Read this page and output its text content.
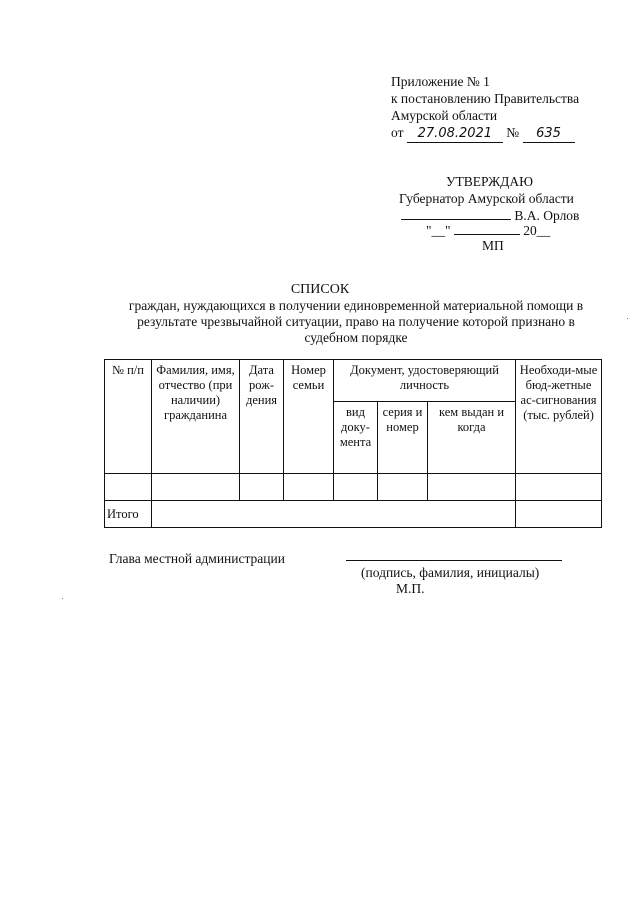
Приложение № 1
к постановлению Правительства
Амурской области
от 27.08.2021 № 635
УТВЕРЖДАЮ
Губернатор Амурской области
В.А. Орлов
"__"	20__
МП
СПИСОК
граждан, нуждающихся в получении единовременной материальной помощи в
результате чрезвычайной ситуации, право на получение которой признано в
судебном порядке
№ п/п	Фамилия, имя, отчество (при наличии) гражданина	Дата рож-дения	Номер семьи	Документ, удостоверяющий личность			Необходи-мые бюд-жетные ас-сигнования (тыс. рублей)
				вид доку-мента	серия и номер	кем выдан и когда	

Итого							
Глава местной администрации
(подпись, фамилия, инициалы)
М.П.
